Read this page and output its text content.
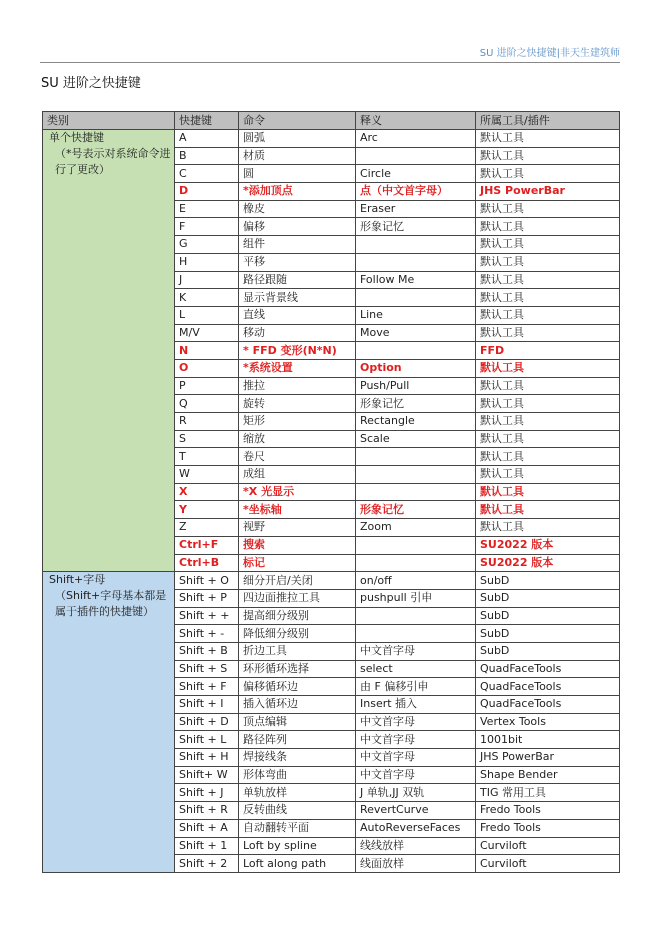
SU 进阶之快捷键|非天生建筑师
SU 进阶之快捷键
类别	快捷键	命令	释义	所属工具/插件
单个快捷键
（*号表示对系统命令进行了更改）	A	圆弧	Arc	默认工具
	B	材质		默认工具
	C	圆	Circle	默认工具
	D	*添加顶点	点（中文首字母）	JHS PowerBar
	E	橡皮	Eraser	默认工具
	F	偏移	形象记忆	默认工具
	G	组件		默认工具
	H	平移		默认工具
	J	路径跟随	Follow Me	默认工具
	K	显示背景线		默认工具
	L	直线	Line	默认工具
	M/V	移动	Move	默认工具
	N	* FFD 变形(N*N)		FFD
	O	*系统设置	Option	默认工具
	P	推拉	Push/Pull	默认工具
	Q	旋转	形象记忆	默认工具
	R	矩形	Rectangle	默认工具
	S	缩放	Scale	默认工具
	T	卷尺		默认工具
	W	成组		默认工具
	X	*X 光显示		默认工具
	Y	*坐标轴	形象记忆	默认工具
	Z	视野	Zoom	默认工具
	Ctrl+F	搜索		SU2022 版本
	Ctrl+B	标记		SU2022 版本
Shift+字母
（Shift+字母基本都是属于插件的快捷键）	Shift + O	细分开启/关闭	on/off	SubD
	Shift + P	四边面推拉工具	pushpull 引申	SubD
	Shift + +	提高细分级别		SubD
	Shift + -	降低细分级别		SubD
	Shift + B	折边工具	中文首字母	SubD
	Shift + S	环形循环选择	select	QuadFaceTools
	Shift + F	偏移循环边	由 F 偏移引申	QuadFaceTools
	Shift + I	插入循环边	Insert 插入	QuadFaceTools
	Shift + D	顶点编辑	中文首字母	Vertex Tools
	Shift + L	路径阵列	中文首字母	1001bit
	Shift + H	焊接线条	中文首字母	JHS PowerBar
	Shift+ W	形体弯曲	中文首字母	Shape Bender
	Shift + J	单轨放样	J 单轨,JJ 双轨	TIG 常用工具
	Shift + R	反转曲线	RevertCurve	Fredo Tools
	Shift + A	自动翻转平面	AutoReverseFaces	Fredo Tools
	Shift + 1	Loft by spline	线线放样	Curviloft
	Shift + 2	Loft along path	线面放样	Curviloft
